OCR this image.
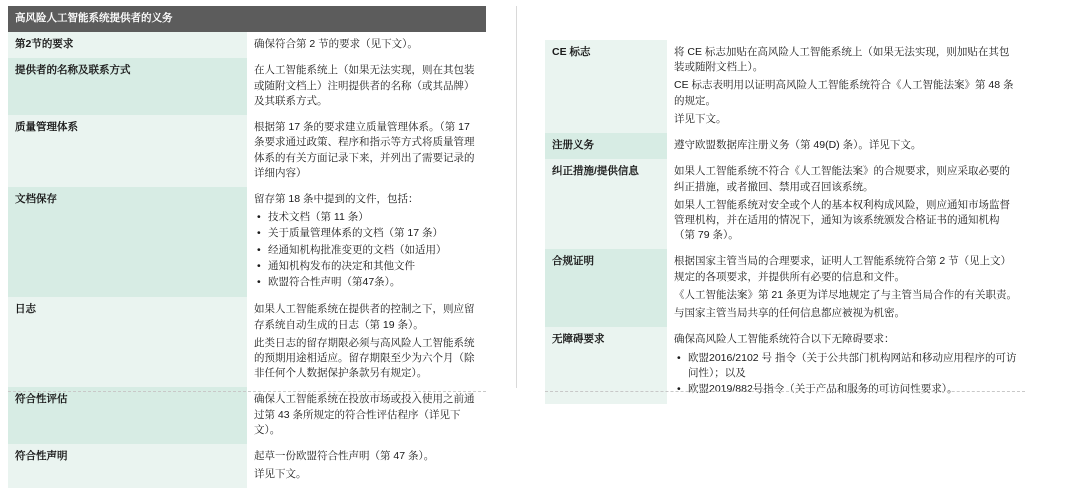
高风险人工智能系统提供者的义务	
第2节的要求	确保符合第 2 节的要求（见下文）。

提供者的名称及联系方式	在人工智能系统上（如果无法实现，则在其包装或随附文档上）注明提供者的名称（或其品牌）及其联系方式。

质量管理体系	根据第 17 条的要求建立质量管理体系。（第 17 条要求通过政策、程序和指示等方式将质量管理体系的有关方面记录下来，并列出了需要记录的详细内容）

文档保存	留存第 18 条中提到的文件，包括：

• 技术文档（第 11 条）
• 关于质量管理体系的文档（第 17 条）
• 经通知机构批准变更的文档（如适用）
• 通知机构发布的决定和其他文件
• 欧盟符合性声明（第47条）。

日志	如果人工智能系统在提供者的控制之下，则应留存系统自动生成的日志（第 19 条）。

此类日志的留存期限必须与高风险人工智能系统的预期用途相适应。留存期限至少为六个月（除非任何个人数据保护条款另有规定）。

符合性评估	确保人工智能系统在投放市场或投入使用之前通过第 43 条所规定的符合性评估程序（详见下文）。

符合性声明	起草一份欧盟符合性声明（第 47 条）。

详见下文。

CE 标志	将 CE 标志加贴在高风险人工智能系统上（如果无法实现，则加贴在其包装或随附文档上）。

CE 标志表明用以证明高风险人工智能系统符合《人工智能法案》第 48 条的规定。

详见下文。

注册义务	遵守欧盟数据库注册义务（第 49(D) 条）。详见下文。

纠正措施/提供信息	如果人工智能系统不符合《人工智能法案》的合规要求，则应采取必要的纠正措施，或者撤回、禁用或召回该系统。

如果人工智能系统对安全或个人的基本权利构成风险，则应通知市场监督管理机构，并在适用的情况下，通知为该系统颁发合格证书的通知机构（第 79 条）。

合规证明	根据国家主管当局的合理要求，证明人工智能系统符合第 2 节（见上文）规定的各项要求，并提供所有必要的信息和文件。

《人工智能法案》第 21 条更为详尽地规定了与主管当局合作的有关职责。

与国家主管当局共享的任何信息都应被视为机密。

无障碍要求	确保高风险人工智能系统符合以下无障碍要求：

• 欧盟2016/2102 号 指令（关于公共部门机构网站和移动应用程序的可访问性）；以及
• 欧盟2019/882号指令（关于产品和服务的可访问性要求）。
